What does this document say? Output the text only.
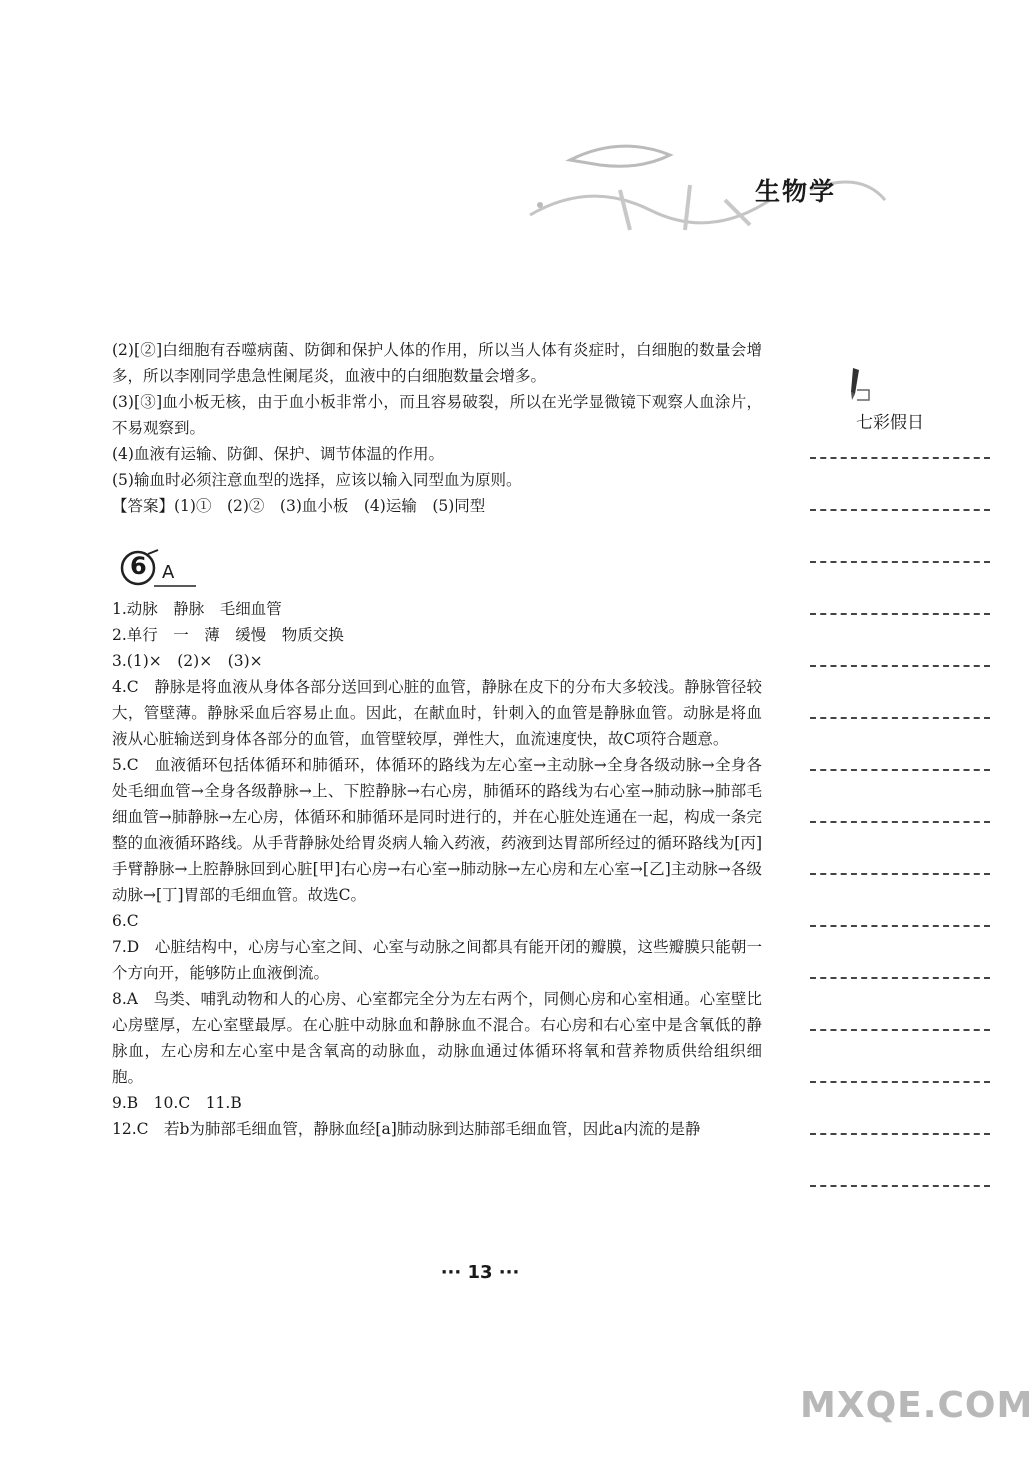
生物学
七彩假日

(2)[②]白细胞有吞噬病菌、防御和保护人体的作用，所以当人体有炎症时，白细胞的数量会增多，所以李刚同学患急性阑尾炎，血液中的白细胞数量会增多。

(3)[③]血小板无核，由于血小板非常小，而且容易破裂，所以在光学显微镜下观察人血涂片，不易观察到。

(4)血液有运输、防御、保护、调节体温的作用。

(5)输血时必须注意血型的选择，应该以输入同型血为原则。

【答案】(1)①　(2)②　(3)血小板　(4)运输　(5)同型

6 A

1.动脉　静脉　毛细血管

2.单行　一　薄　缓慢　物质交换

3.(1)×　(2)×　(3)×

4.C　静脉是将血液从身体各部分送回到心脏的血管，静脉在皮下的分布大多较浅。静脉管径较大，管壁薄。静脉采血后容易止血。因此，在献血时，针刺入的血管是静脉血管。动脉是将血液从心脏输送到身体各部分的血管，血管壁较厚，弹性大，血流速度快，故C项符合题意。

5.C　血液循环包括体循环和肺循环，体循环的路线为左心室→主动脉→全身各级动脉→全身各处毛细血管→全身各级静脉→上、下腔静脉→右心房，肺循环的路线为右心室→肺动脉→肺部毛细血管→肺静脉→左心房，体循环和肺循环是同时进行的，并在心脏处连通在一起，构成一条完整的血液循环路线。从手背静脉处给胃炎病人输入药液，药液到达胃部所经过的循环路线为[丙]手臂静脉→上腔静脉回到心脏[甲]右心房→右心室→肺动脉→左心房和左心室→[乙]主动脉→各级动脉→[丁]胃部的毛细血管。故选C。

6.C

7.D　心脏结构中，心房与心室之间、心室与动脉之间都具有能开闭的瓣膜，这些瓣膜只能朝一个方向开，能够防止血液倒流。

8.A　鸟类、哺乳动物和人的心房、心室都完全分为左右两个，同侧心房和心室相通。心室壁比心房壁厚，左心室壁最厚。在心脏中动脉血和静脉血不混合。右心房和右心室中是含氧低的静脉血，左心房和左心室中是含氧高的动脉血，动脉血通过体循环将氧和营养物质供给组织细胞。

9.B　10.C　11.B

12.C　若b为肺部毛细血管，静脉血经[a]肺动脉到达肺部毛细血管，因此a内流的是静

··· 13 ···
MXQE.COM
